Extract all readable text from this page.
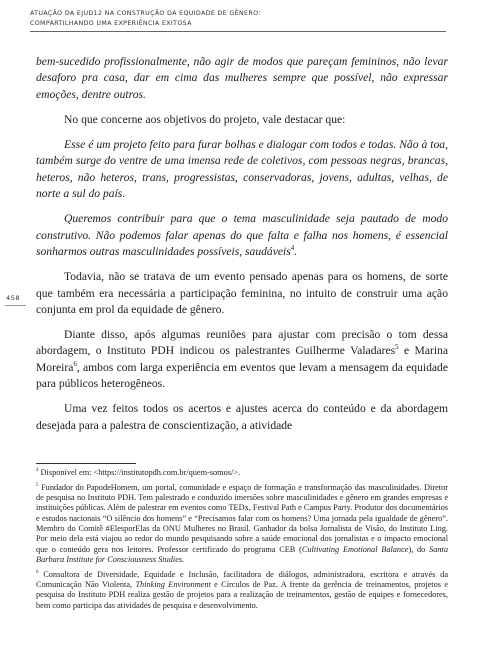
ATUAÇÃO DA EJUD12 NA CONSTRUÇÃO DA EQUIDADE DE GÊNERO:
COMPARTILHANDO UMA EXPERIÊNCIA EXITOSA
458

bem-sucedido profissionalmente, não agir de modos que pareçam femininos, não levar desaforo pra casa, dar em cima das mulheres sempre que possível, não expressar emoções, dentre outros.

No que concerne aos objetivos do projeto, vale destacar que:

Esse é um projeto feito para furar bolhas e dialogar com todos e todas. Não à toa, também surge do ventre de uma imensa rede de coletivos, com pessoas negras, brancas, heteros, não heteros, trans, progressistas, conservadoras, jovens, adultas, velhas, de norte a sul do país.

Queremos contribuir para que o tema masculinidade seja pautado de modo construtivo. Não podemos falar apenas do que falta e falha nos homens, é essencial sonharmos outras masculinidades possíveis, saudáveis$^4$.

Todavia, não se tratava de um evento pensado apenas para os homens, de sorte que também era necessária a participação feminina, no intuito de construir uma ação conjunta em prol da equidade de gênero.

Diante disso, após algumas reuniões para ajustar com precisão o tom dessa abordagem, o Instituto PDH indicou os palestrantes Guilherme Valadares$^5$ e Marina Moreira$^6$, ambos com larga experiência em eventos que levam a mensagem da equidade para públicos heterogêneos.

Uma vez feitos todos os acertos e ajustes acerca do conteúdo e da abordagem desejada para a palestra de conscientização, a atividade

$^4$ Disponível em: <https://institutopdh.com.br/quem-somos/>.

$^5$ Fundador do PapodeHomem, um portal, comunidade e espaço de formação e transformação das masculinidades. Diretor de pesquisa no Instituto PDH. Tem palestrado e conduzido imersões sobre masculinidades e gênero em grandes empresas e instituições públicas. Além de palestrar em eventos como TEDx, Festival Path e Campus Party. Produtor dos documentários e estudos nacionais “O silêncio dos homens” e “Precisamos falar com os homens? Uma jornada pela igualdade de gênero”. Membro do Comitê #ElesporElas da ONU Mulheres no Brasil. Ganhador da bolsa Jornalista de Visão, do Instituto Ling. Por meio dela está viajou ao redor do mundo pesquisando sobre a saúde emocional dos jornalistas e o impacto emocional que o conteúdo gera nos leitores. Professor certificado do programa CEB (Cultivating Emotional Balance), do Santa Barbara Institute for Consciousness Studies.

$^6$ Consultora de Diversidade, Equidade e Inclusão, facilitadora de diálogos, administradora, escritora e através da Comunicação Não Violenta, Thinking Environment e Círculos de Paz. A frente da gerência de treinamentos, projetos e pesquisa do Instituto PDH realiza gestão de projetos para a realização de treinamentos, gestão de equipes e fornecedores, bem como participa das atividades de pesquisa e desenvolvimento.
